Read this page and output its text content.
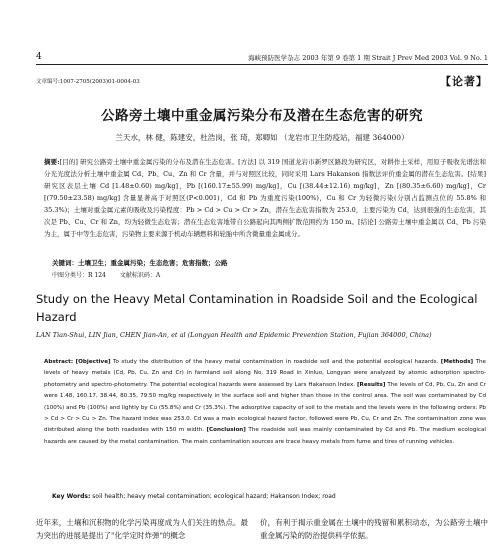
4	海峡预防医学杂志 2003 年第 9 卷第 1 期 Strait J Prev Med 2003 Vol. 9 No. 1
文章编号:1007-2705(2003)01-0004-03	【论著】
公路旁土壤中重金属污染分布及潜在生态危害的研究
兰天水，林 健，陈建安，杜浩岗，张 琦，郑卿如 （龙岩市卫生防疫站，福建 364000）
摘要:[目的] 研究公路旁土壤中重金属污染的分布及潜在生态危害。[方法] 以 319 国道龙岩市新罗区路段为研究区，对耕作土采样，用原子吸收光谱法和分光光度法分析土壤中重金属 Cd、Pb、Cu、Zn 和 Cr 含量，并与对照区比较，同时采用 Lars Hakanson 指数法评价重金属的潜在生态危害。[结果] 研究区表层土壤 Cd [1.48±0.60) mg/kg]，Pb [(160.17±55.99) mg/kg]，Cu [(38.44±12.16) mg/kg]，Zn [(80.35±6.60) mg/kg]，Cr [(79.50±23.58) mg/kg] 含量显著高于对照区(P<0.001)，Cd 和 Pb 为重度污染(100%)，Cu 和 Cr 为轻微污染(分别占监测点位的 55.8% 和 35.3%)；土壤对重金属元素的吸收及污染程度：Pb > Cd > Cu > Cr > Zn，潜在生态危害指数为 253.0，主要污染为 Cd，达到很强的生态危害，其次是 Pb、Cu、Cr 和 Zn，均为轻微生态危害；潜在生态危害地带自公路起向其两侧扩散范围约为 150 m。[结论] 公路旁土壤中重金属以 Cd、Pb 污染为主，属于中等生态危害，污染物主要来源于机动车辆燃料和轮胎中所含微量重金属成分。
关键词：土壤卫生；重金属污染；生态危害；危害指数；公路
中图分类号：R 124 文献标识码：A
Study on the Heavy Metal Contamination in Roadside Soil and the Ecological Hazard
LAN Tian-Shui, LIN Jian, CHEN Jian-An, et al (Longyan Health and Epidemic Prevention Station, Fujian 364000, China)
Abstract: [Objective] To study the distribution of the heavy metal contamination in roadside soil and the potential ecological hazards. [Methods] The levels of heavy metals (Cd, Pb, Cu, Zn and Cr) in farmland soil along No. 319 Road in Xinluo, Longyan were analyzed by atomic adsorption spectro-photometry and spectro-photometry. The potential ecological hazards were assessed by Lars Hakanson Index. [Results] The levels of Cd, Pb, Cu, Zn and Cr were 1.48, 160.17, 38.44, 80.35, 79.50 mg/kg respectively in the surface soil and higher than those in the control area. The soil was contaminated by Cd (100%) and Pb (100%) and lightly by Cu (55.8%) and Cr (35.3%). The adsorptive capacity of soil to the metals and the levels were in the following orders: Pb > Cd > Cr > Cu > Zn. The hazard index was 253.0. Cd was a main ecological hazard factor, followed were Pb, Cu, Cr and Zn. The contamination zone was distributed along the both roadsides with 150 m width. [Conclusion] The roadside soil was mainly contaminated by Cd and Pb. The medium ecological hazards are caused by the metal contamination. The main contamination sources are trace heavy metals from fume and tires of running vehicles.
Key Words: soil health; heavy metal contamination; ecological hazard; Hakanson Index; road
近年来，土壤和沉积物的化学污染再度成为人们关注的热点。最为突出的进展是提出了"化学定时炸弹"的概念
价，有利于揭示重金属在土壤中的残留和累积动态，为公路旁土壤中重金属污染的防治提供科学依据。
